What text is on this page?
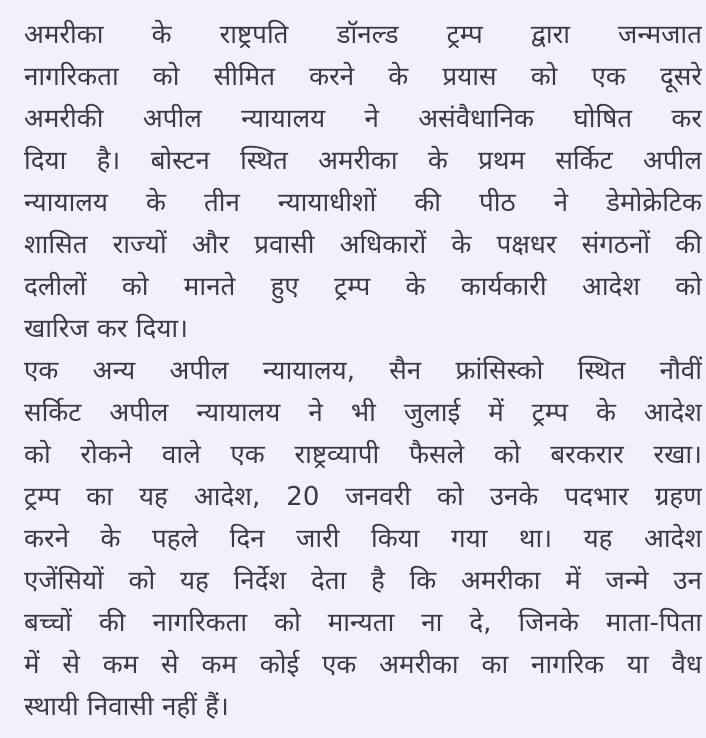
अमरीका के राष्ट्रपति डॉनल्ड ट्रम्प द्वारा जन्मजात

नागरिकता को सीमित करने के प्रयास को एक दूसरे

अमरीकी अपील न्यायालय ने असंवैधानिक घोषित कर

दिया है। बोस्टन स्थित अमरीका के प्रथम सर्किट अपील

न्यायालय के तीन न्यायाधीशों की पीठ ने डेमोक्रेटिक

शासित राज्यों और प्रवासी अधिकारों के पक्षधर संगठनों की

दलीलों को मानते हुए ट्रम्प के कार्यकारी आदेश को

खारिज कर दिया।

एक अन्य अपील न्यायालय, सैन फ्रांसिस्को स्थित नौवीं

सर्किट अपील न्यायालय ने भी जुलाई में ट्रम्प के आदेश

को रोकने वाले एक राष्ट्रव्यापी फैसले को बरकरार रखा।

ट्रम्प का यह आदेश, 20 जनवरी को उनके पदभार ग्रहण

करने के पहले दिन जारी किया गया था। यह आदेश

एजेंसियों को यह निर्देश देता है कि अमरीका में जन्मे उन

बच्चों की नागरिकता को मान्यता ना दे, जिनके माता-पिता

में से कम से कम कोई एक अमरीका का नागरिक या वैध

स्थायी निवासी नहीं हैं।
